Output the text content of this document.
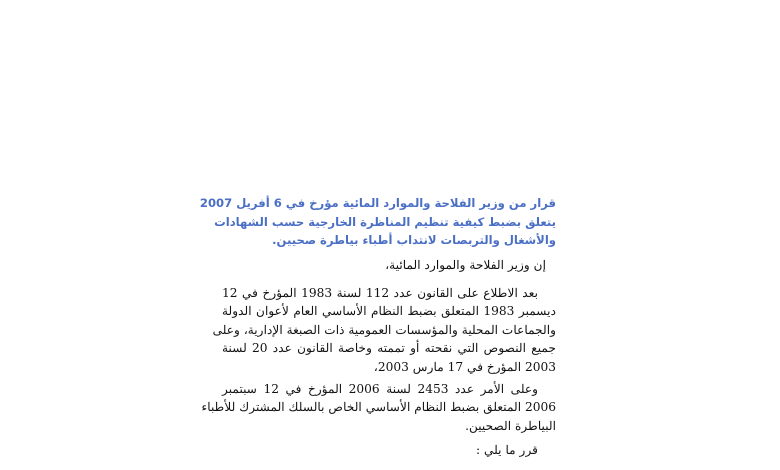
قرار من وزير الفلاحة والموارد المائية مؤرخ في 6 أفريل 2007
يتعلق بضبط كيفية تنظيم المناظرة الخارجية حسب الشهادات
والأشغال والتربصات لانتداب أطباء بياطرة صحيين.
إن وزير الفلاحة والموارد المائية،
بعد الاطلاع على القانون عدد 112 لسنة 1983 المؤرخ في 12
ديسمبر 1983 المتعلق بضبط النظام الأساسي العام لأعوان الدولة
والجماعات المحلية والمؤسسات العمومية ذات الصبغة الإدارية، وعلى
جميع النصوص التي نقحته أو تممته وخاصة القانون عدد 20 لسنة
2003 المؤرخ في 17 مارس 2003،
وعلى الأمر عدد 2453 لسنة 2006 المؤرخ في 12 سبتمبر
2006 المتعلق بضبط النظام الأساسي الخاص بالسلك المشترك للأطباء
البياطرة الصحيين.
قرر ما يلي :
